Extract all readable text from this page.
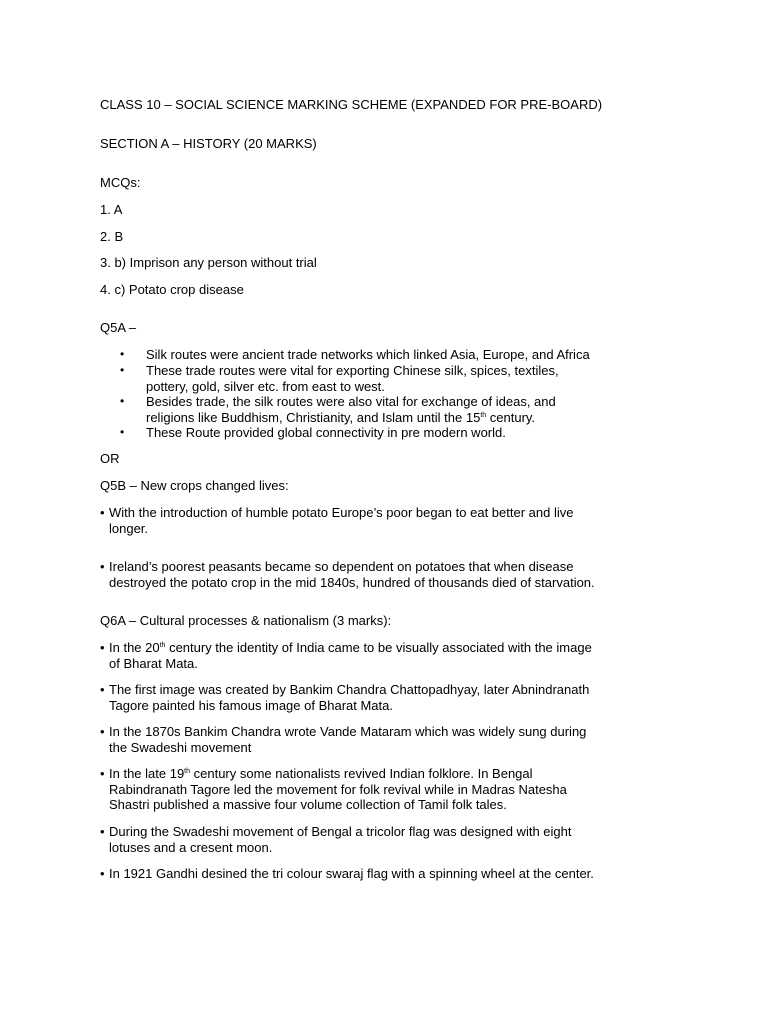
CLASS 10 – SOCIAL SCIENCE MARKING SCHEME (EXPANDED FOR PRE-BOARD)

SECTION A – HISTORY (20 MARKS)

MCQs:

1. A

2. B

3. b) Imprison any person without trial

4. c) Potato crop disease

Q5A –

• Silk routes were ancient trade networks which linked Asia, Europe, and Africa
• These trade routes were vital for exporting Chinese silk, spices, textiles, pottery, gold, silver etc. from east to west.
• Besides trade, the silk routes were also vital for exchange of ideas, and religions like Buddhism, Christianity, and Islam until the 15th century.
• These Route provided global connectivity in pre modern world.

OR

Q5B – New crops changed lives:

• With the introduction of humble potato Europe’s poor began to eat better and live longer.
• Ireland’s poorest peasants became so dependent on potatoes that when disease destroyed the potato crop in the mid 1840s, hundred of thousands died of starvation.

Q6A – Cultural processes & nationalism (3 marks):

• In the 20th century the identity of India came to be visually associated with the image of Bharat Mata.
• The first image was created by Bankim Chandra Chattopadhyay, later Abnindranath Tagore painted his famous image of Bharat Mata.
• In the 1870s Bankim Chandra wrote Vande Mataram which was widely sung during the Swadeshi movement
• In the late 19th century some nationalists revived Indian folklore. In Bengal Rabindranath Tagore led the movement for folk revival while in Madras Natesha Shastri published a massive four volume collection of Tamil folk tales.
• During the Swadeshi movement of Bengal a tricolor flag was designed with eight lotuses and a cresent moon.
• In 1921 Gandhi desined the tri colour swaraj flag with a spinning wheel at the center.
